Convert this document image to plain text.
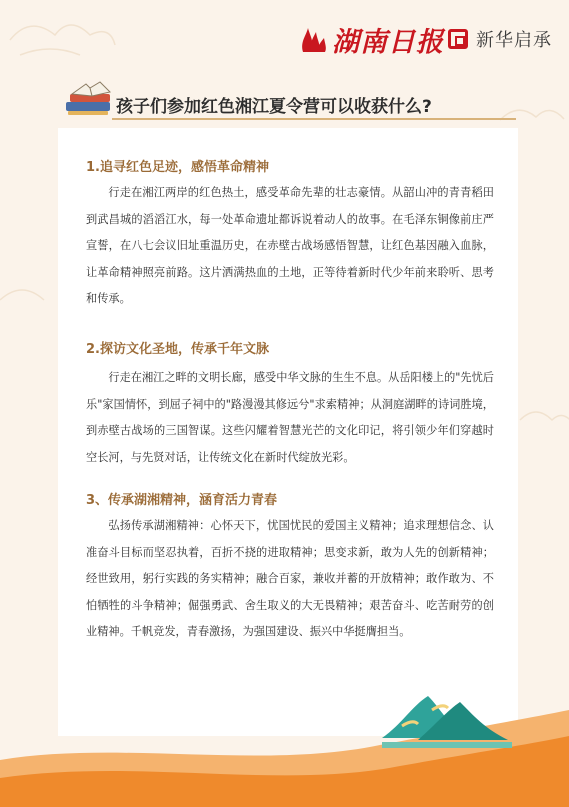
湖南日报 新华启承
孩子们参加红色湘江夏令营可以收获什么?
1.追寻红色足迹，感悟革命精神
行走在湘江两岸的红色热土，感受革命先辈的壮志豪情。从韶山冲的青青稻田到武昌城的滔滔江水，每一处革命遗址都诉说着动人的故事。在毛泽东铜像前庄严宣誓，在八七会议旧址重温历史，在赤壁古战场感悟智慧，让红色基因融入血脉，让革命精神照亮前路。这片洒满热血的土地，正等待着新时代少年前来聆听、思考和传承。
2.探访文化圣地，传承千年文脉
行走在湘江之畔的文明长廊，感受中华文脉的生生不息。从岳阳楼上的"先忧后乐"家国情怀，到屈子祠中的"路漫漫其修远兮"求索精神；从洞庭湖畔的诗词胜境，到赤壁古战场的三国智谋。这些闪耀着智慧光芒的文化印记，将引领少年们穿越时空长河，与先贤对话，让传统文化在新时代绽放光彩。
3、传承湖湘精神，涵育活力青春
弘扬传承湖湘精神：心怀天下，忧国忧民的爱国主义精神；追求理想信念、认准奋斗目标而坚忍执着，百折不挠的进取精神；思变求新，敢为人先的创新精神；经世致用，躬行实践的务实精神；融合百家，兼收并蓄的开放精神；敢作敢为、不怕牺牲的斗争精神；倔强勇武、舍生取义的大无畏精神；艰苦奋斗、吃苦耐劳的创业精神。千帆竞发，青春激扬，为强国建设、振兴中华挺膺担当。
